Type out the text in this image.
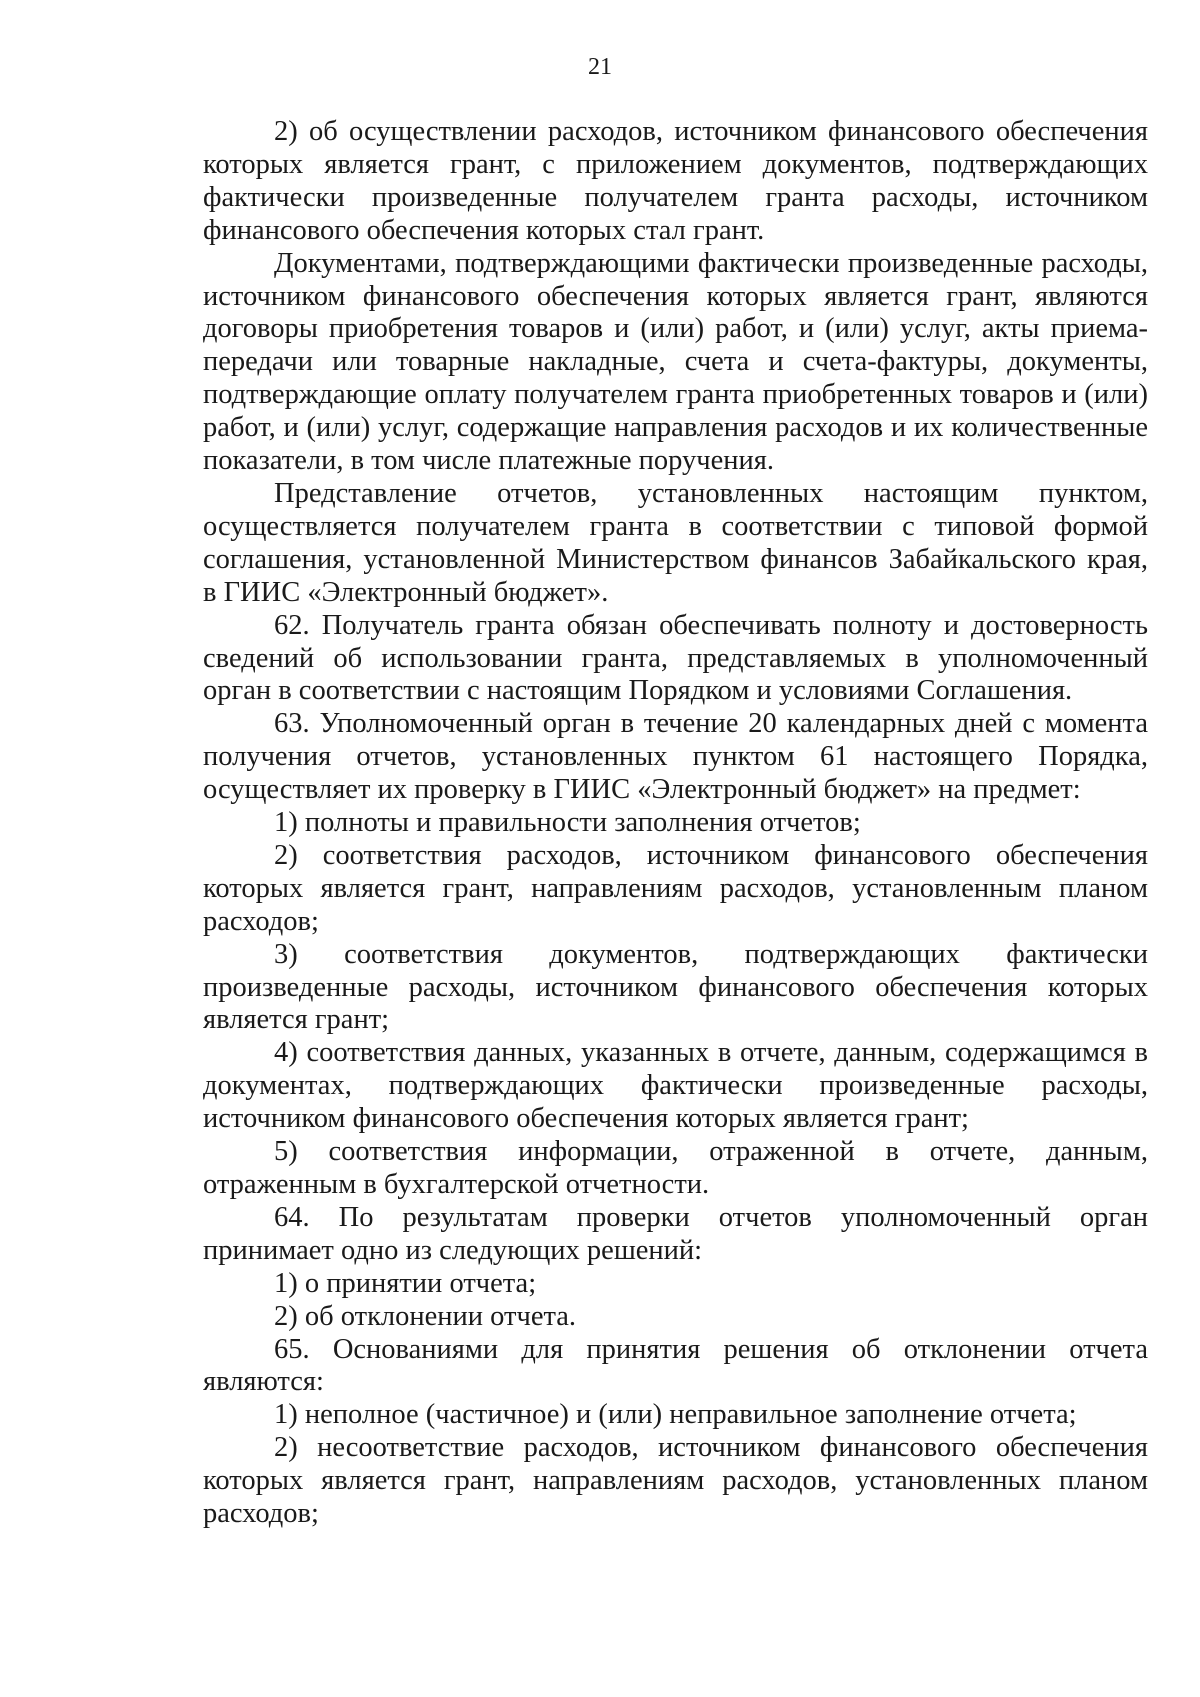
21

2) об осуществлении расходов, источником финансового обеспечения которых является грант, с приложением документов, подтверждающих фактически произведенные получателем гранта расходы, источником финансового обеспечения которых стал грант.

Документами, подтверждающими фактически произведенные расходы, источником финансового обеспечения которых является грант, являются договоры приобретения товаров и (или) работ, и (или) услуг, акты приема-передачи или товарные накладные, счета и счета-фактуры, документы, подтверждающие оплату получателем гранта приобретенных товаров и (или) работ, и (или) услуг, содержащие направления расходов и их количественные показатели, в том числе платежные поручения.

Представление отчетов, установленных настоящим пунктом, осуществляется получателем гранта в соответствии с типовой формой соглашения, установленной Министерством финансов Забайкальского края, в ГИИС «Электронный бюджет».

62. Получатель гранта обязан обеспечивать полноту и достоверность сведений об использовании гранта, представляемых в уполномоченный орган в соответствии с настоящим Порядком и условиями Соглашения.

63. Уполномоченный орган в течение 20 календарных дней с момента получения отчетов, установленных пунктом 61 настоящего Порядка, осуществляет их проверку в ГИИС «Электронный бюджет» на предмет:

1) полноты и правильности заполнения отчетов;

2) соответствия расходов, источником финансового обеспечения которых является грант, направлениям расходов, установленным планом расходов;

3) соответствия документов, подтверждающих фактически произведенные расходы, источником финансового обеспечения которых является грант;

4) соответствия данных, указанных в отчете, данным, содержащимся в документах, подтверждающих фактически произведенные расходы, источником финансового обеспечения которых является грант;

5) соответствия информации, отраженной в отчете, данным, отраженным в бухгалтерской отчетности.

64. По результатам проверки отчетов уполномоченный орган принимает одно из следующих решений:

1) о принятии отчета;

2) об отклонении отчета.

65. Основаниями для принятия решения об отклонении отчета являются:

1) неполное (частичное) и (или) неправильное заполнение отчета;

2) несоответствие расходов, источником финансового обеспечения которых является грант, направлениям расходов, установленных планом расходов;
